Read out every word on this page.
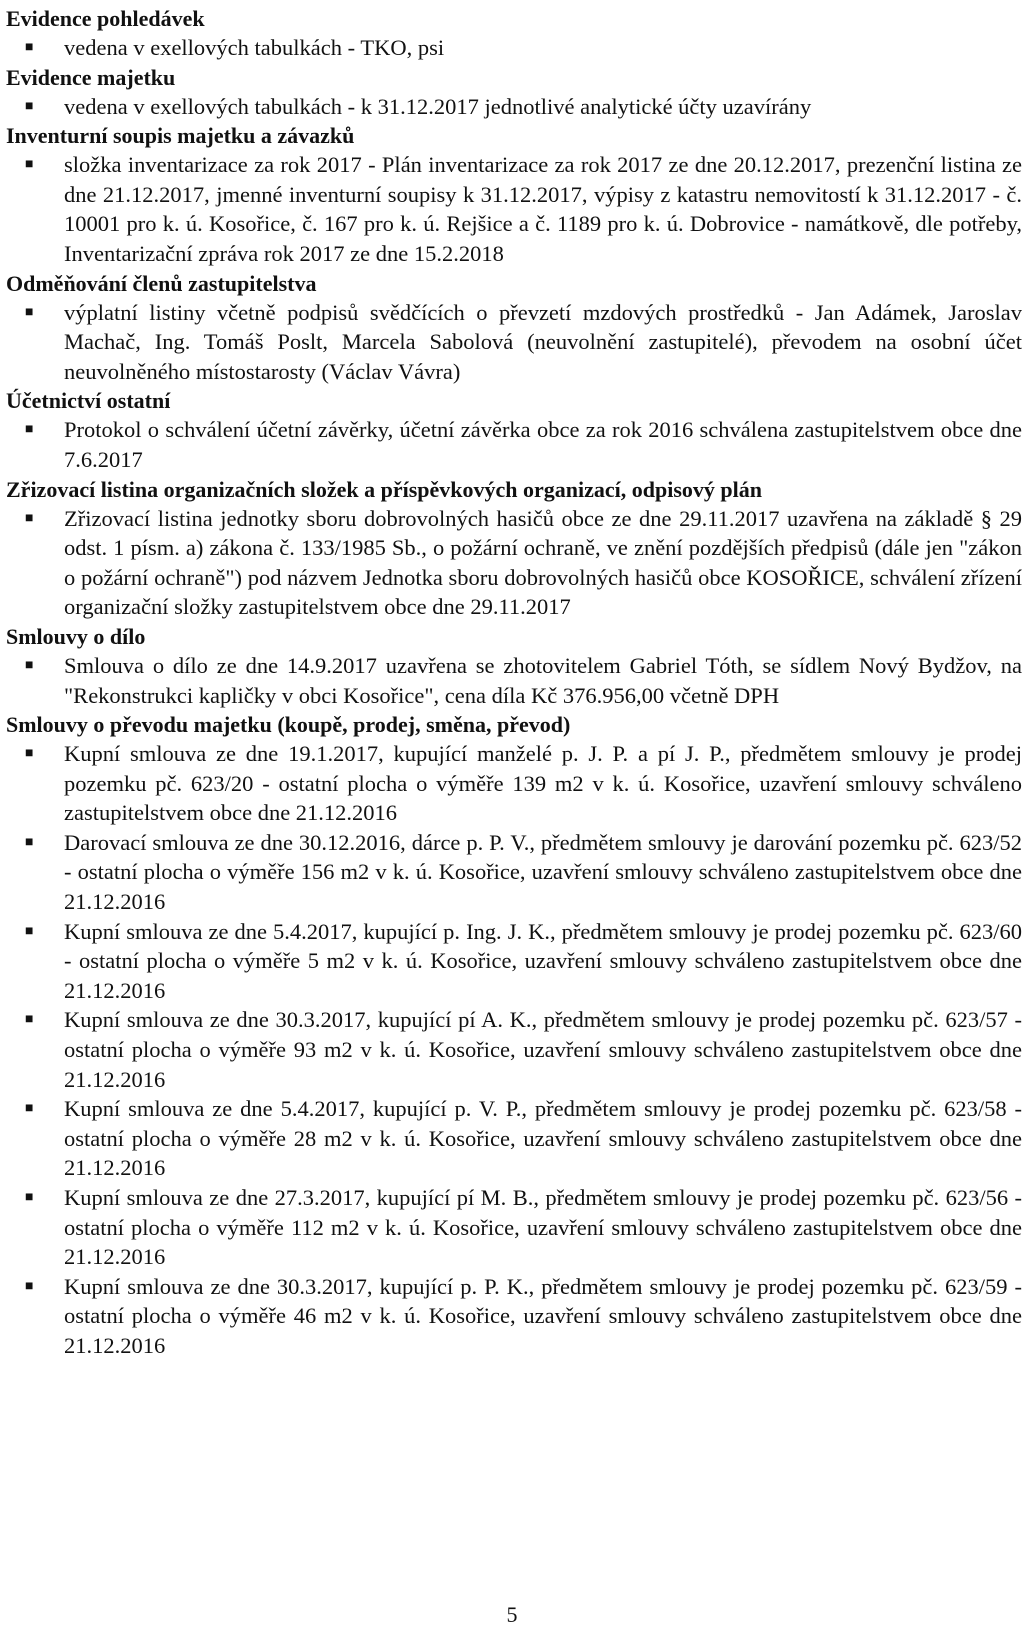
Evidence pohledávek
■ vedena v exellových tabulkách - TKO, psi
Evidence majetku
■ vedena v exellových tabulkách - k 31.12.2017 jednotlivé analytické účty uzavírány
Inventurní soupis majetku a závazků
■ složka inventarizace za rok 2017 - Plán inventarizace za rok 2017 ze dne 20.12.2017, prezenční listina ze dne 21.12.2017, jmenné inventurní soupisy k 31.12.2017, výpisy z katastru nemovitostí k 31.12.2017 - č. 10001 pro k. ú. Kosořice, č. 167 pro k. ú. Rejšice a č. 1189 pro k. ú. Dobrovice - namátkově, dle potřeby, Inventarizační zpráva rok 2017 ze dne 15.2.2018
Odměňování členů zastupitelstva
■ výplatní listiny včetně podpisů svědčících o převzetí mzdových prostředků - Jan Adámek, Jaroslav Machač, Ing. Tomáš Poslt, Marcela Sabolová (neuvolnění zastupitelé), převodem na osobní účet neuvolněného místostarosty (Václav Vávra)
Účetnictví ostatní
■ Protokol o schválení účetní závěrky, účetní závěrka obce za rok 2016 schválena zastupitelstvem obce dne 7.6.2017
Zřizovací listina organizačních složek a příspěvkových organizací, odpisový plán
■ Zřizovací listina jednotky sboru dobrovolných hasičů obce ze dne 29.11.2017 uzavřena na základě § 29 odst. 1 písm. a) zákona č. 133/1985 Sb., o požární ochraně, ve znění pozdějších předpisů (dále jen "zákon o požární ochraně") pod názvem Jednotka sboru dobrovolných hasičů obce KOSOŘICE, schválení zřízení organizační složky zastupitelstvem obce dne 29.11.2017
Smlouvy o dílo
■ Smlouva o dílo ze dne 14.9.2017 uzavřena se zhotovitelem Gabriel Tóth, se sídlem Nový Bydžov, na "Rekonstrukci kapličky v obci Kosořice", cena díla Kč 376.956,00 včetně DPH
Smlouvy o převodu majetku (koupě, prodej, směna, převod)
■ Kupní smlouva ze dne 19.1.2017, kupující manželé p. J. P. a pí J. P., předmětem smlouvy je prodej pozemku pč. 623/20 - ostatní plocha o výměře 139 m2 v k. ú. Kosořice, uzavření smlouvy schváleno zastupitelstvem obce dne 21.12.2016
■ Darovací smlouva ze dne 30.12.2016, dárce p. P. V., předmětem smlouvy je darování pozemku pč. 623/52 - ostatní plocha o výměře 156 m2 v k. ú. Kosořice, uzavření smlouvy schváleno zastupitelstvem obce dne 21.12.2016
■ Kupní smlouva ze dne 5.4.2017, kupující p. Ing. J. K., předmětem smlouvy je prodej pozemku pč. 623/60 - ostatní plocha o výměře 5 m2 v k. ú. Kosořice, uzavření smlouvy schváleno zastupitelstvem obce dne 21.12.2016
■ Kupní smlouva ze dne 30.3.2017, kupující pí A. K., předmětem smlouvy je prodej pozemku pč. 623/57 - ostatní plocha o výměře 93 m2 v k. ú. Kosořice, uzavření smlouvy schváleno zastupitelstvem obce dne 21.12.2016
■ Kupní smlouva ze dne 5.4.2017, kupující p. V. P., předmětem smlouvy je prodej pozemku pč. 623/58 - ostatní plocha o výměře 28 m2 v k. ú. Kosořice, uzavření smlouvy schváleno zastupitelstvem obce dne 21.12.2016
■ Kupní smlouva ze dne 27.3.2017, kupující pí M. B., předmětem smlouvy je prodej pozemku pč. 623/56 - ostatní plocha o výměře 112 m2 v k. ú. Kosořice, uzavření smlouvy schváleno zastupitelstvem obce dne 21.12.2016
■ Kupní smlouva ze dne 30.3.2017, kupující p. P. K., předmětem smlouvy je prodej pozemku pč. 623/59 - ostatní plocha o výměře 46 m2 v k. ú. Kosořice, uzavření smlouvy schváleno zastupitelstvem obce dne 21.12.2016
5
